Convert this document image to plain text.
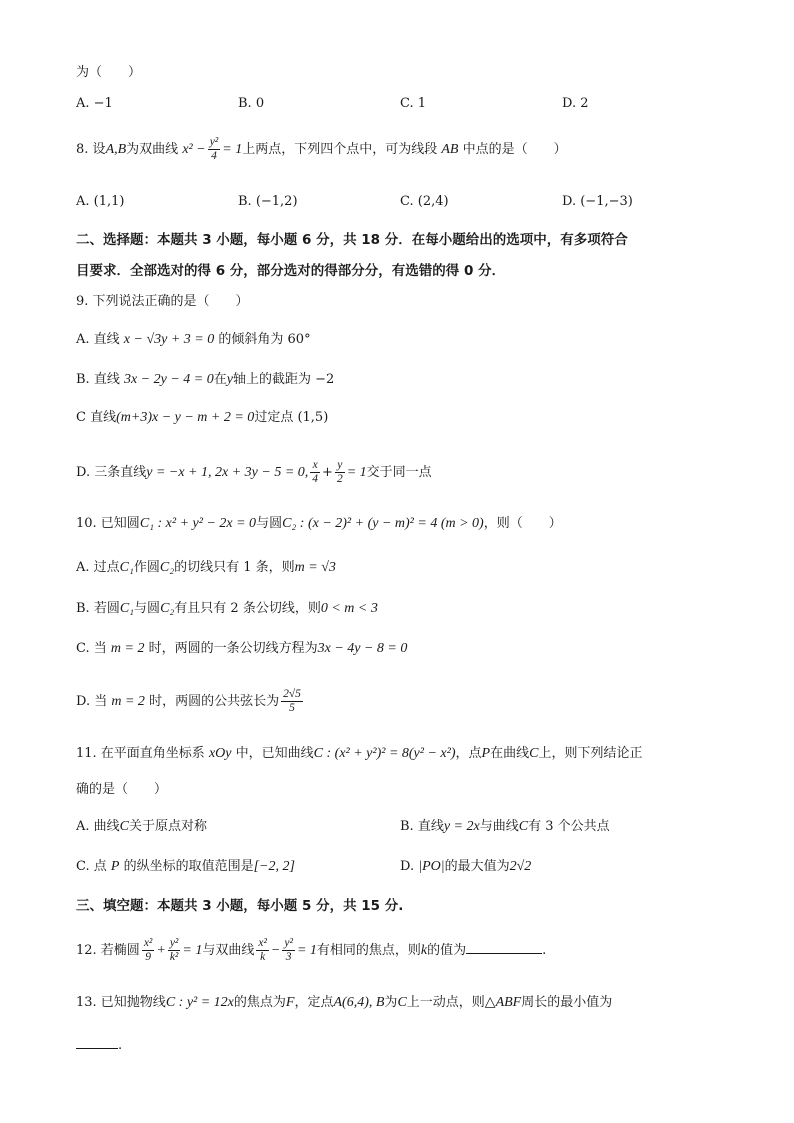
为（　　）
A. −1	B. 0	C. 1	D. 2
8. 设A,B为双曲线 $x^2 - \frac{\text{y²}}{4} = 1$上两点，下列四个点中，可为线段 AB 中点的是（　　）
A. (1,1)	B. (−1,2)	C. (2,4)	D. (−1,−3)
二、选择题：本题共 3 小题，每小题 6 分，共 18 分．在每小题给出的选项中，有多项符合
目要求．全部选对的得 6 分，部分选对的得部分分，有选错的得 0 分．
9. 下列说法正确的是（　　）
A. 直线 x − √3y + 3 = 0 的倾斜角为 60°
B. 直线 3x − 2y − 4 = 0在y轴上的截距为 −2
C 直线(m+3)x − y − m + 2 = 0过定点 (1,5)
D. 三条直线y = −x + 1, 2x + 3y − 5 = 0, $\frac{x}{4} + \frac{y}{2} = 1$交于同一点
10. 已知圆C₁ : x² + y² − 2x = 0与圆C₂ : (x − 2)² + (y − m)² = 4 (m > 0)，则（　　）
A. 过点C₁作圆C₂的切线只有 1 条，则m = √3
B. 若圆C₁与圆C₂有且只有 2 条公切线，则0 < m < 3
C. 当 m = 2 时，两圆的一条公切线方程为3x − 4y − 8 = 0
D. 当 m = 2 时，两圆的公共弦长为 $\frac{2√5}{5}$
11. 在平面直角坐标系 xOy 中，已知曲线C : (x² + y²)² = 8(y² − x²)，点P在曲线C上，则下列结论正
确的是（　　）
A. 曲线C关于原点对称	B. 直线y = 2x与曲线C有 3 个公共点
C. 点 P 的纵坐标的取值范围是[−2, 2]	D. |PO|的最大值为2√2
三、填空题：本题共 3 小题，每小题 5 分，共 15 分.
12. 若椭圆 $\frac{\text{x²}}{9} + \frac{\text{y²}}{\text{k²}} = 1$与双曲线 $\frac{\text{x²}}{k} - \frac{\text{y²}}{3} = 1$有相同的焦点，则k的值为	.
13. 已知抛物线C : y² = 12x的焦点为F，定点A(6,4), B为C上一动点，则△ABF周长的最小值为
.
